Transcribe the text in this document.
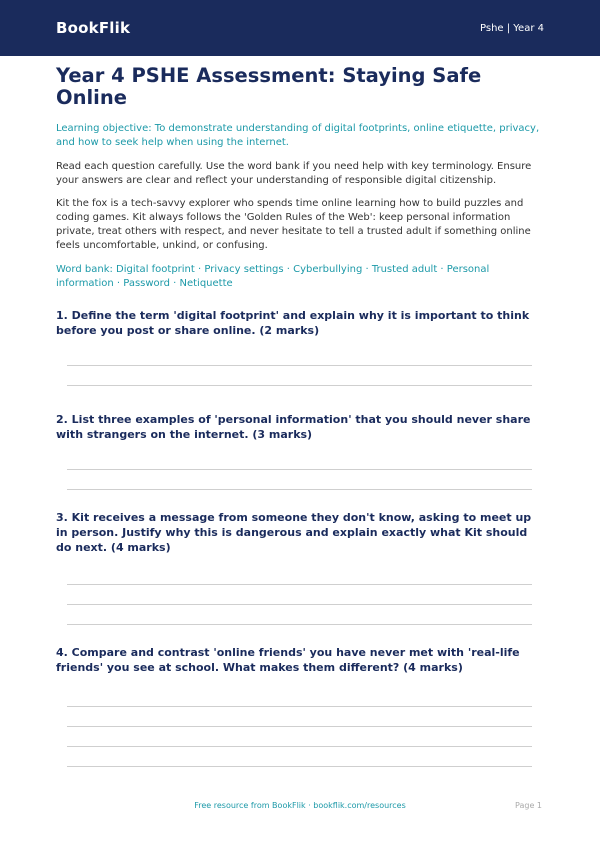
BookFlik	Pshe | Year 4
Year 4 PSHE Assessment: Staying Safe Online

Learning objective: To demonstrate understanding of digital footprints, online etiquette, privacy, and how to seek help when using the internet.

Read each question carefully. Use the word bank if you need help with key terminology. Ensure your answers are clear and reflect your understanding of responsible digital citizenship.

Kit the fox is a tech-savvy explorer who spends time online learning how to build puzzles and coding games. Kit always follows the 'Golden Rules of the Web': keep personal information private, treat others with respect, and never hesitate to tell a trusted adult if something online feels uncomfortable, unkind, or confusing.

Word bank: Digital footprint · Privacy settings · Cyberbullying · Trusted adult · Personal information · Password · Netiquette

1. Define the term 'digital footprint' and explain why it is important to think before you post or share online. (2 marks)

2. List three examples of 'personal information' that you should never share with strangers on the internet. (3 marks)

3. Kit receives a message from someone they don't know, asking to meet up in person. Justify why this is dangerous and explain exactly what Kit should do next. (4 marks)

4. Compare and contrast 'online friends' you have never met with 'real-life friends' you see at school. What makes them different? (4 marks)

Free resource from BookFlik · bookflik.com/resources	Page 1
